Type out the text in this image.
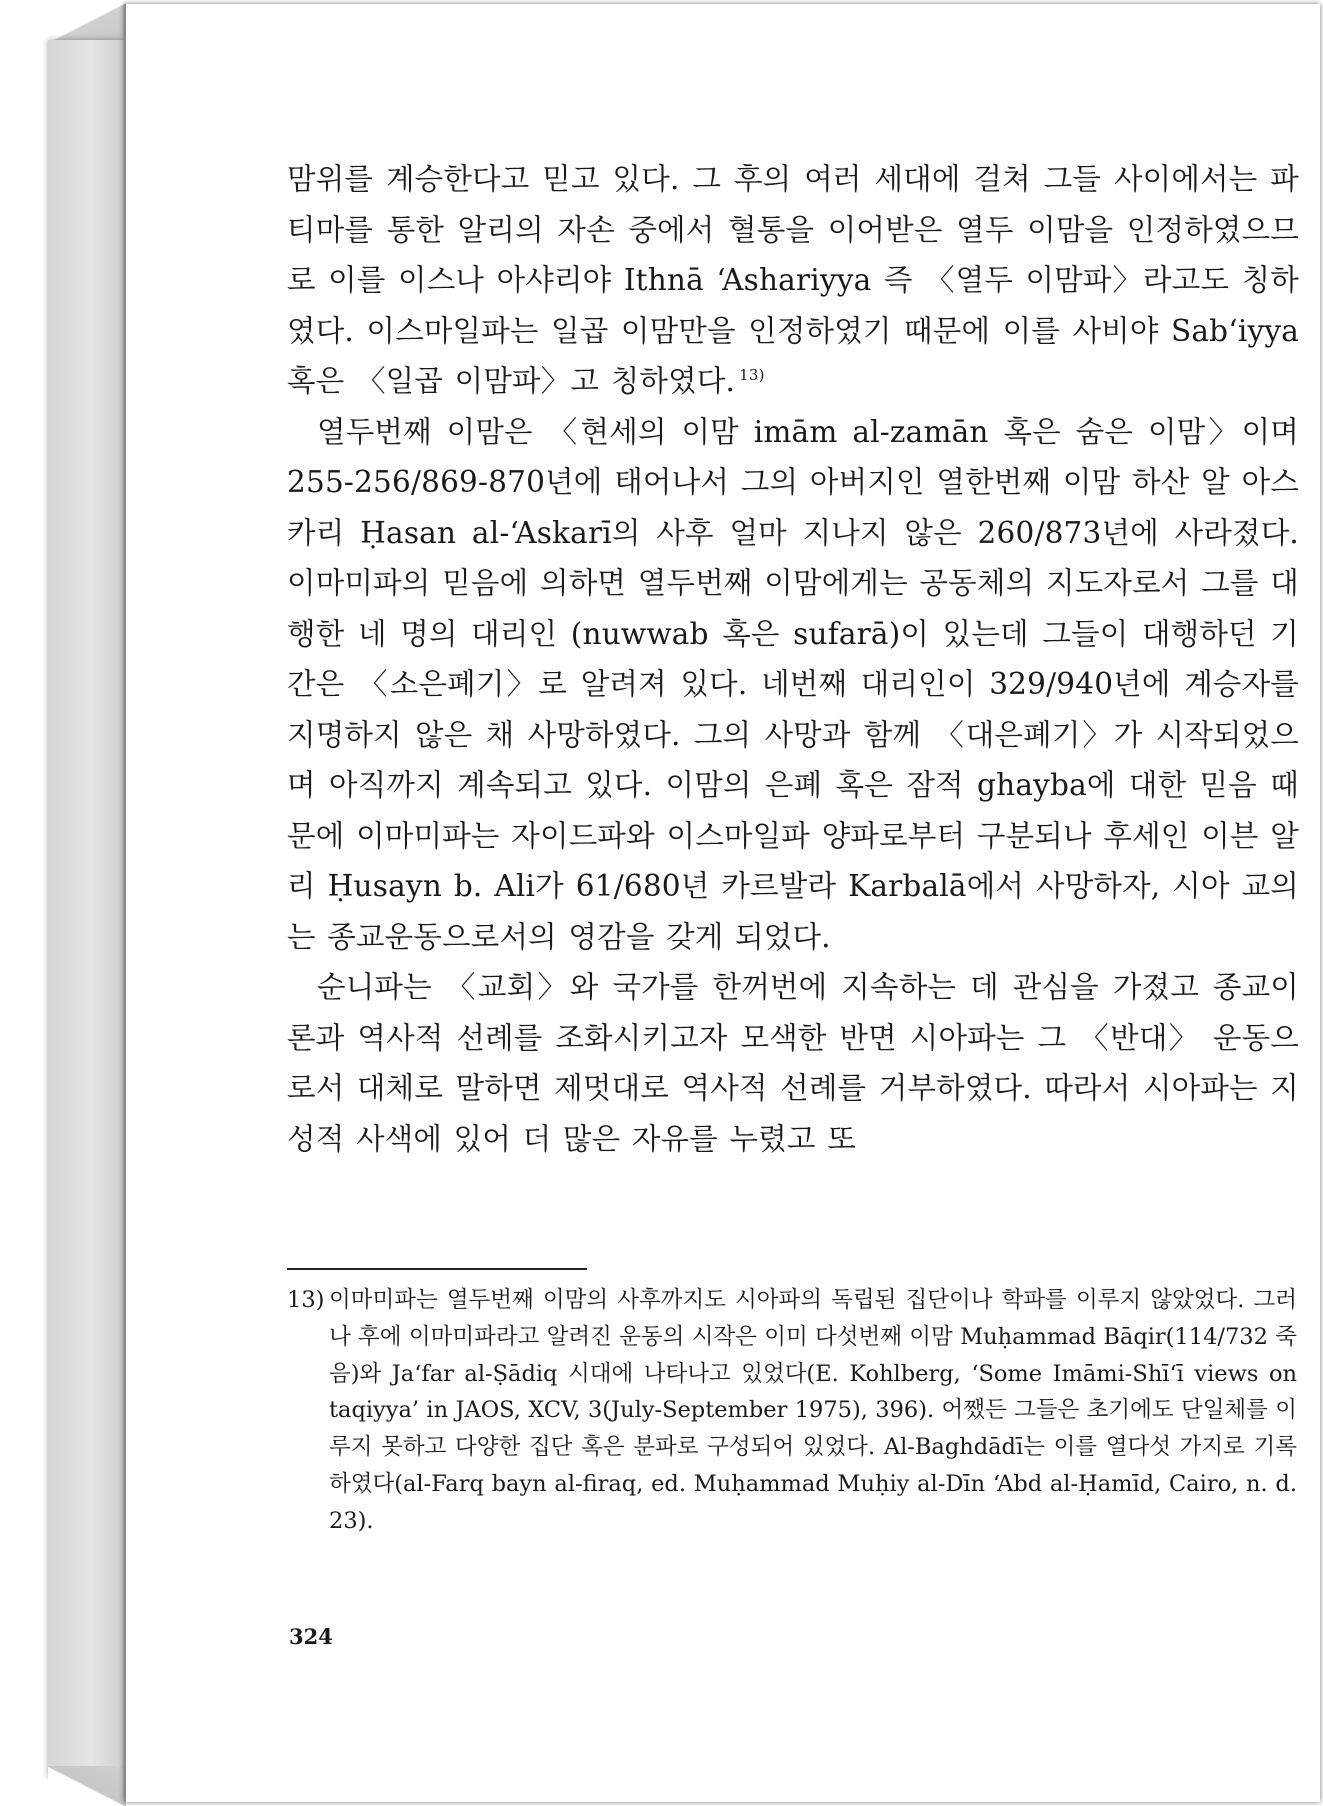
맘위를 계승한다고 믿고 있다. 그 후의 여러 세대에 걸쳐 그들 사이에서는 파티마를 통한 알리의 자손 중에서 혈통을 이어받은 열두 이맘을 인정하였으므로 이를 이스나 아샤리야 Ithnā ‘Ashariyya 즉 〈열두 이맘파〉라고도 칭하였다. 이스마일파는 일곱 이맘만을 인정하였기 때문에 이를 사비야 Sab‘iyya 혹은 〈일곱 이맘파〉고 칭하였다. $^{13)}$

열두번째 이맘은 〈현세의 이맘 imām al-zamān 혹은 숨은 이맘〉이며 255-256/869-870년에 태어나서 그의 아버지인 열한번째 이맘 하산 알 아스카리 Ḥasan al-‘Askarī의 사후 얼마 지나지 않은 260/873년에 사라졌다. 이마미파의 믿음에 의하면 열두번째 이맘에게는 공동체의 지도자로서 그를 대행한 네 명의 대리인 (nuwwab 혹은 sufarā)이 있는데 그들이 대행하던 기간은 〈소은폐기〉로 알려져 있다. 네번째 대리인이 329/940년에 계승자를 지명하지 않은 채 사망하였다. 그의 사망과 함께 〈대은폐기〉가 시작되었으며 아직까지 계속되고 있다. 이맘의 은폐 혹은 잠적 ghayba에 대한 믿음 때문에 이마미파는 자이드파와 이스마일파 양파로부터 구분되나 후세인 이븐 알리 Ḥusayn b. Ali가 61/680년 카르발라 Karbalā에서 사망하자, 시아 교의는 종교운동으로서의 영감을 갖게 되었다.

순니파는 〈교회〉와 국가를 한꺼번에 지속하는 데 관심을 가졌고 종교이론과 역사적 선례를 조화시키고자 모색한 반면 시아파는 그 〈반대〉 운동으로서 대체로 말하면 제멋대로 역사적 선례를 거부하였다. 따라서 시아파는 지성적 사색에 있어 더 많은 자유를 누렸고 또

13) 이마미파는 열두번째 이맘의 사후까지도 시아파의 독립된 집단이나 학파를 이루지 않았었다. 그러나 후에 이마미파라고 알려진 운동의 시작은 이미 다섯번째 이맘 Muḥammad Bāqir(114/732 죽음)와 Ja‘far al-Ṣādiq 시대에 나타나고 있었다(E. Kohlberg, ‘Some Imāmi-Shī‘ī views on taqiyya’ in JAOS, XCV, 3(July-September 1975), 396). 어쨌든 그들은 초기에도 단일체를 이루지 못하고 다양한 집단 혹은 분파로 구성되어 있었다. Al-Baghdādī는 이를 열다섯 가지로 기록하였다(al-Farq bayn al-firaq, ed. Muḥammad Muḥiy al-Dīn ‘Abd al-Ḥamīd, Cairo, n. d. 23).
324
